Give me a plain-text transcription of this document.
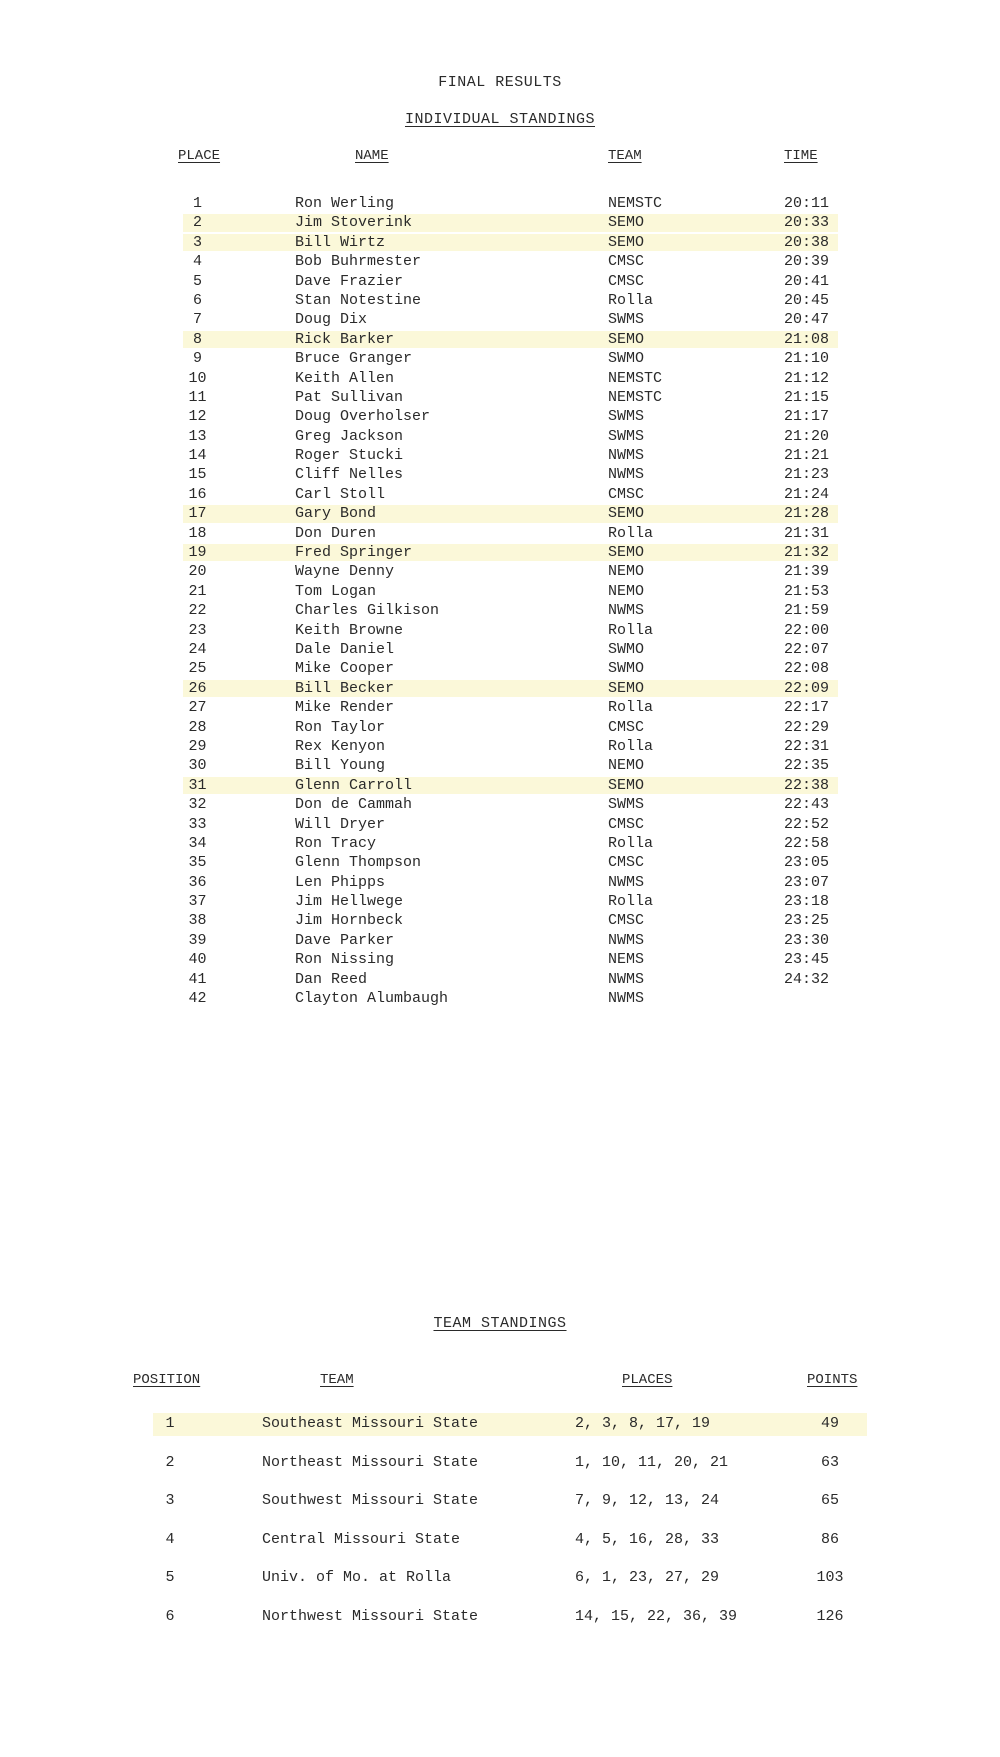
FINAL RESULTS
INDIVIDUAL STANDINGS
PLACE	NAME	TEAM	TIME
1	Ron Werling	NEMSTC	20:11
2	Jim Stoverink	SEMO	20:33
3	Bill Wirtz	SEMO	20:38
4	Bob Buhrmester	CMSC	20:39
5	Dave Frazier	CMSC	20:41
6	Stan Notestine	Rolla	20:45
7	Doug Dix	SWMS	20:47
8	Rick Barker	SEMO	21:08
9	Bruce Granger	SWMO	21:10
10	Keith Allen	NEMSTC	21:12
11	Pat Sullivan	NEMSTC	21:15
12	Doug Overholser	SWMS	21:17
13	Greg Jackson	SWMS	21:20
14	Roger Stucki	NWMS	21:21
15	Cliff Nelles	NWMS	21:23
16	Carl Stoll	CMSC	21:24
17	Gary Bond	SEMO	21:28
18	Don Duren	Rolla	21:31
19	Fred Springer	SEMO	21:32
20	Wayne Denny	NEMO	21:39
21	Tom Logan	NEMO	21:53
22	Charles Gilkison	NWMS	21:59
23	Keith Browne	Rolla	22:00
24	Dale Daniel	SWMO	22:07
25	Mike Cooper	SWMO	22:08
26	Bill Becker	SEMO	22:09
27	Mike Render	Rolla	22:17
28	Ron Taylor	CMSC	22:29
29	Rex Kenyon	Rolla	22:31
30	Bill Young	NEMO	22:35
31	Glenn Carroll	SEMO	22:38
32	Don de Cammah	SWMS	22:43
33	Will Dryer	CMSC	22:52
34	Ron Tracy	Rolla	22:58
35	Glenn Thompson	CMSC	23:05
36	Len Phipps	NWMS	23:07
37	Jim Hellwege	Rolla	23:18
38	Jim Hornbeck	CMSC	23:25
39	Dave Parker	NWMS	23:30
40	Ron Nissing	NEMS	23:45
41	Dan Reed	NWMS	24:32
42	Clayton Alumbaugh	NWMS
TEAM STANDINGS
POSITION	TEAM	PLACES	POINTS
1	Southeast Missouri State	2, 3, 8, 17, 19	49
2	Northeast Missouri State	1, 10, 11, 20, 21	63
3	Southwest Missouri State	7, 9, 12, 13, 24	65
4	Central Missouri State	4, 5, 16, 28, 33	86
5	Univ. of Mo. at Rolla	6, 1, 23, 27, 29	103
6	Northwest Missouri State	14, 15, 22, 36, 39	126
